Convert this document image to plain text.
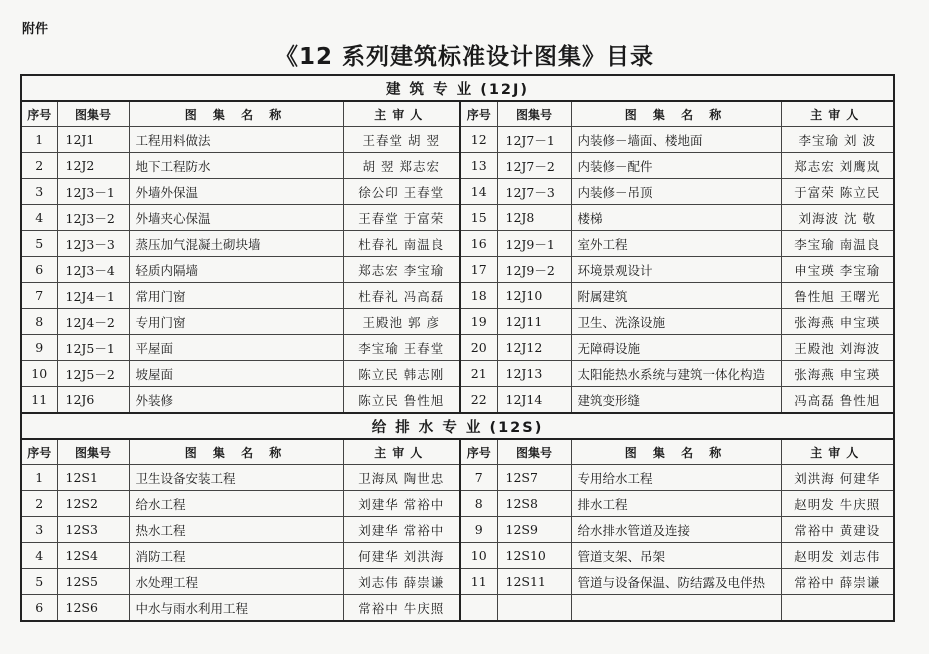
附件
《12 系列建筑标准设计图集》目录
建 筑 专 业 (12J)							
序号	图集号	图 集 名 称	主审人	序号	图集号	图 集 名 称	主审人
1	12J1	工程用料做法	王春堂 胡 翌	12	12J7－1	内装修－墙面、楼地面	李宝瑜 刘 波
2	12J2	地下工程防水	胡 翌 郑志宏	13	12J7－2	内装修－配件	郑志宏 刘鹰岚
3	12J3－1	外墙外保温	徐公印 王春堂	14	12J7－3	内装修－吊顶	于富荣 陈立民
4	12J3－2	外墙夹心保温	王春堂 于富荣	15	12J8	楼梯	刘海波 沈 敬
5	12J3－3	蒸压加气混凝土砌块墙	杜春礼 南温良	16	12J9－1	室外工程	李宝瑜 南温良
6	12J3－4	轻质内隔墙	郑志宏 李宝瑜	17	12J9－2	环境景观设计	申宝瑛 李宝瑜
7	12J4－1	常用门窗	杜春礼 冯高磊	18	12J10	附属建筑	鲁性旭 王曙光
8	12J4－2	专用门窗	王殿池 郭 彦	19	12J11	卫生、洗涤设施	张海燕 申宝瑛
9	12J5－1	平屋面	李宝瑜 王春堂	20	12J12	无障碍设施	王殿池 刘海波
10	12J5－2	坡屋面	陈立民 韩志刚	21	12J13	太阳能热水系统与建筑一体化构造	张海燕 申宝瑛
11	12J6	外装修	陈立民 鲁性旭	22	12J14	建筑变形缝	冯高磊 鲁性旭
给 排 水 专 业 (12S)							
序号	图集号	图 集 名 称	主审人	序号	图集号	图 集 名 称	主审人
1	12S1	卫生设备安装工程	卫海凤 陶世忠	7	12S7	专用给水工程	刘洪海 何建华
2	12S2	给水工程	刘建华 常裕中	8	12S8	排水工程	赵明发 牛庆照
3	12S3	热水工程	刘建华 常裕中	9	12S9	给水排水管道及连接	常裕中 黄建设
4	12S4	消防工程	何建华 刘洪海	10	12S10	管道支架、吊架	赵明发 刘志伟
5	12S5	水处理工程	刘志伟 薛崇谦	11	12S11	管道与设备保温、防结露及电伴热	常裕中 薛崇谦
6	12S6	中水与雨水利用工程	常裕中 牛庆照				
